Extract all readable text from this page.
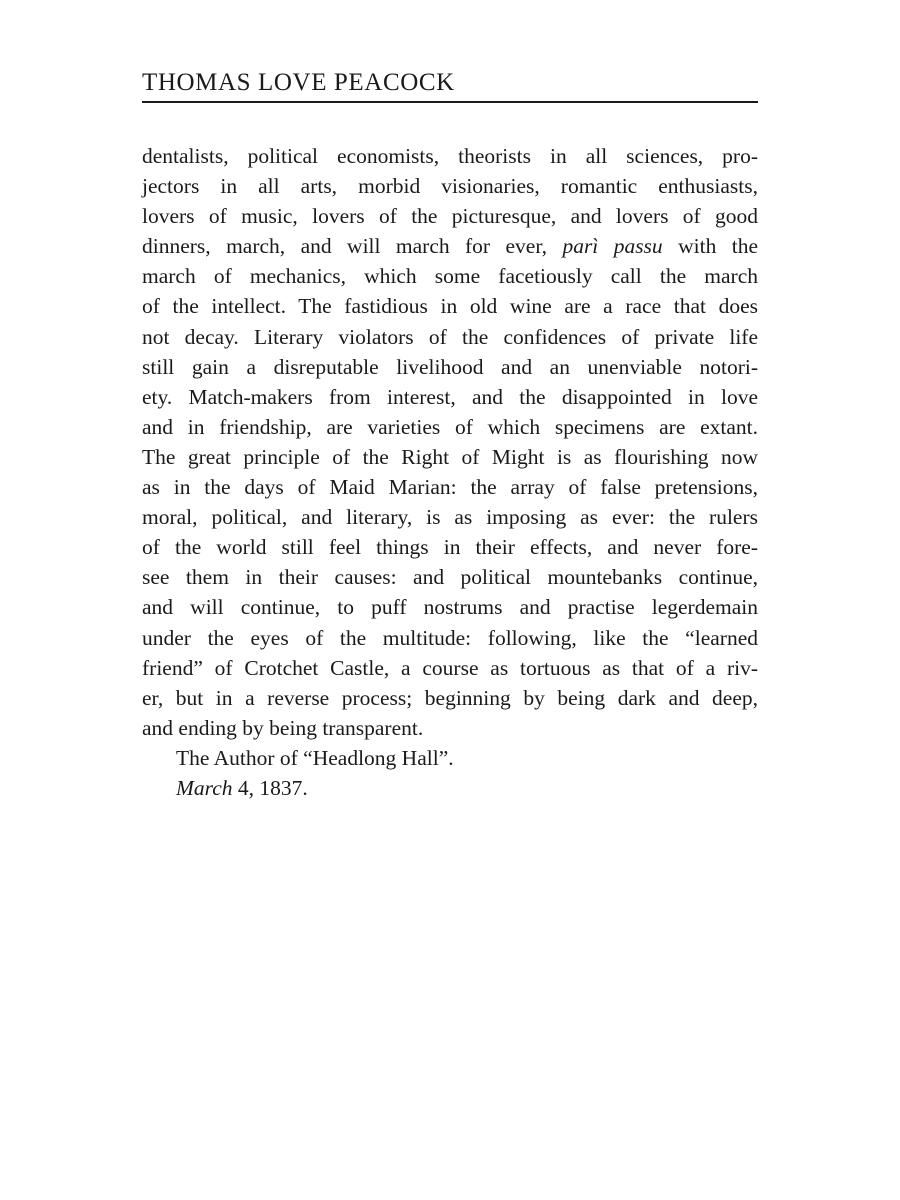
THOMAS LOVE PEACOCK
dentalists, political economists, theorists in all sciences, pro-
jectors in all arts, morbid visionaries, romantic enthusiasts,
lovers of music, lovers of the picturesque, and lovers of good
dinners, march, and will march for ever, parì passu with the
march of mechanics, which some facetiously call the march
of the intellect. The fastidious in old wine are a race that does
not decay. Literary violators of the confidences of private life
still gain a disreputable livelihood and an unenviable notori-
ety. Match-makers from interest, and the disappointed in love
and in friendship, are varieties of which specimens are extant.
The great principle of the Right of Might is as flourishing now
as in the days of Maid Marian: the array of false pretensions,
moral, political, and literary, is as imposing as ever: the rulers
of the world still feel things in their effects, and never fore-
see them in their causes: and political mountebanks continue,
and will continue, to puff nostrums and practise legerdemain
under the eyes of the multitude: following, like the “learned
friend” of Crotchet Castle, a course as tortuous as that of a riv-
er, but in a reverse process; beginning by being dark and deep,
and ending by being transparent.
The Author of “Headlong Hall”.
March 4, 1837.
